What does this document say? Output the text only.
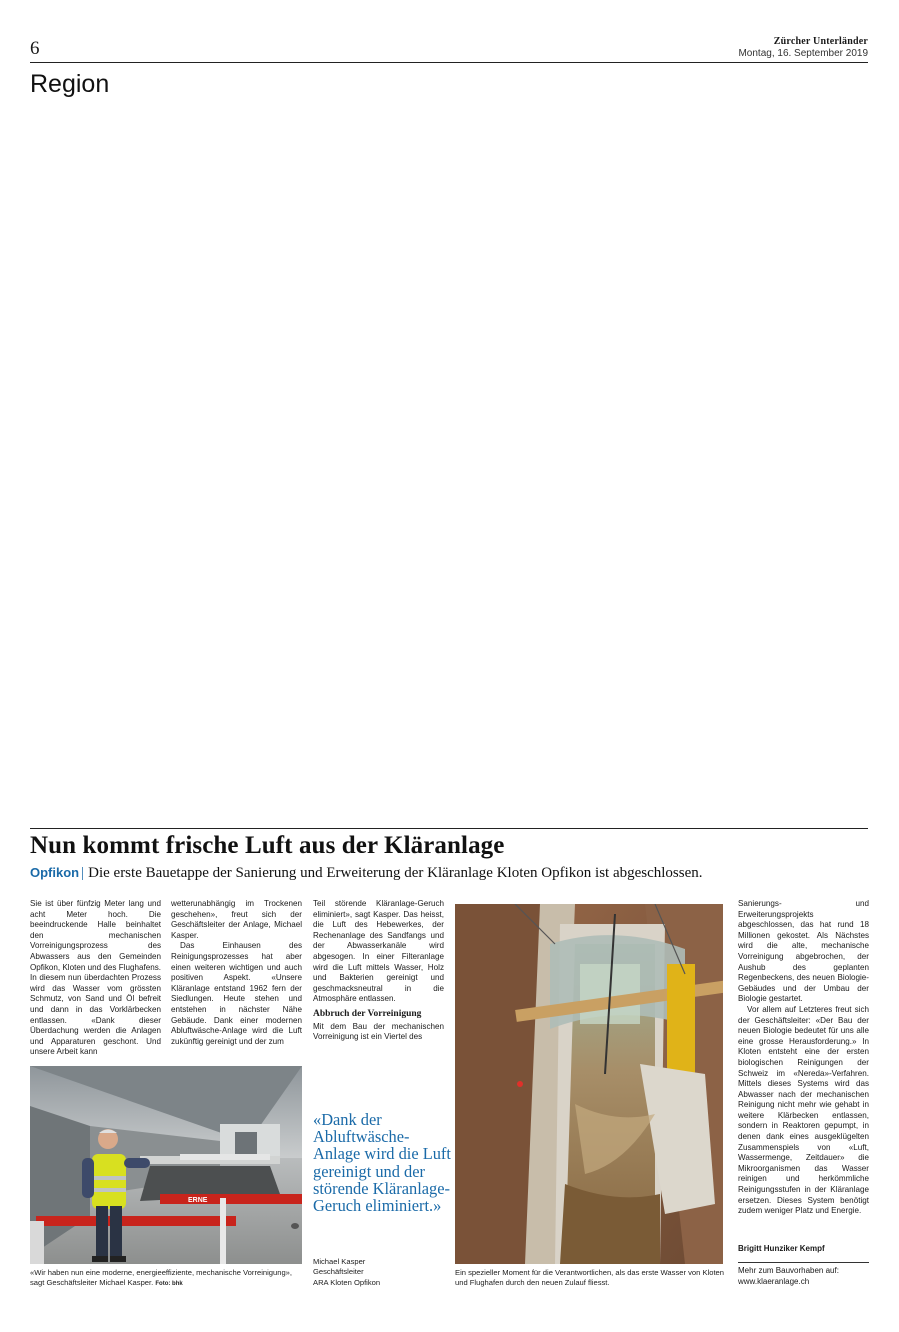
6	Zürcher Unterländer
Montag, 16. September 2019
Region
Nun kommt frische Luft aus der Kläranlage
Opfikon | Die erste Bauetappe der Sanierung und Erweiterung der Kläranlage Kloten Opfikon ist abgeschlossen.

Sie ist über fünfzig Meter lang und acht Meter hoch. Die beeindruckende Halle beinhaltet den mechanischen Vorreinigungsprozess des Abwassers aus den Gemeinden Opfikon, Kloten und des Flughafens. In diesem nun überdachten Prozess wird das Wasser vom grössten Schmutz, von Sand und Öl befreit und dann in das Vorklärbecken entlassen. «Dank dieser Überdachung werden die Anlagen und Apparaturen geschont. Und unsere Arbeit kann

wetterunabhängig im Trockenen geschehen», freut sich der Geschäftsleiter der Anlage, Michael Kasper.

Das Einhausen des Reinigungsprozesses hat aber einen weiteren wichtigen und auch positiven Aspekt. «Unsere Kläranlage entstand 1962 fern der Siedlungen. Heute stehen und entstehen in nächster Nähe Gebäude. Dank einer modernen Abluftwäsche-Anlage wird die Luft zukünftig gereinigt und der zum

Teil störende Kläranlage-Geruch eliminiert», sagt Kasper. Das heisst, die Luft des Hebewerkes, der Rechenanlage des Sandfangs und der Abwasserkanäle wird abgesogen. In einer Filteranlage wird die Luft mittels Wasser, Holz und Bakterien gereinigt und geschmacksneutral in die Atmosphäre entlassen.

Abbruch der Vorreinigung

Mit dem Bau der mechanischen Vorreinigung ist ein Viertel des

ERNE
«Wir haben nun eine moderne, energieeffiziente, mechanische Vorreinigung», sagt Geschäftsleiter Michael Kasper. Foto: bhk
«Dank der Abluftwäsche-Anlage wird die Luft gereinigt und der störende Kläranlage-Geruch eliminiert.»
Michael Kasper
Geschäftsleiter
ARA Kloten Opfikon
Ein spezieller Moment für die Verantwortlichen, als das erste Wasser von Kloten und Flughafen durch den neuen Zulauf fliesst.

Sanierungs- und Erweiterungsprojekts abgeschlossen, das hat rund 18 Millionen gekostet. Als Nächstes wird die alte, mechanische Vorreinigung abgebrochen, der Aushub des geplanten Regenbeckens, des neuen Biologie-Gebäudes und der Umbau der Biologie gestartet.

Vor allem auf Letzteres freut sich der Geschäftsleiter: «Der Bau der neuen Biologie bedeutet für uns alle eine grosse Herausforderung.» In Kloten entsteht eine der ersten biologischen Reinigungen der Schweiz im «Nereda»-Verfahren. Mittels dieses Systems wird das Abwasser nach der mechanischen Reinigung nicht mehr wie gehabt in weitere Klärbecken entlassen, sondern in Reaktoren gepumpt, in denen dank eines ausgeklügelten Zusammenspiels von «Luft, Wassermenge, Zeitdauer» die Mikroorganismen das Wasser reinigen und herkömmliche Reinigungsstufen in der Kläranlage ersetzen. Dieses System benötigt zudem weniger Platz und Energie.

Brigitt Hunziker Kempf
Mehr zum Bauvorhaben auf:
www.klaeranlage.ch
